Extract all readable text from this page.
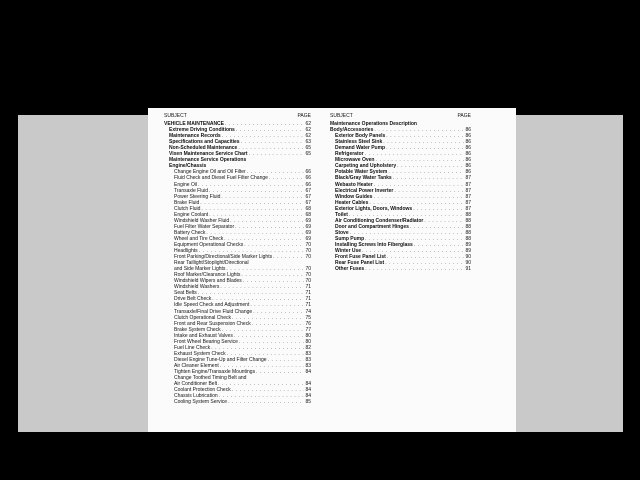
SUBJECT	PAGE
VEHICLE MAINTENANCE . . .	62
Extreme Driving Conditions . . .	62
Maintenance Records . . .	62
Specifications and Capacities . . .	63
Non-Scheduled Maintenance . . .	65
Vixen Maintenance Service Chart . . .	65
Maintenance Service Operations
Engine/Chassis
Change Engine Oil and Oil Filter . . .	66
Fluid Check and Diesel Fuel Filter Change . . .	66
Engine Oil . . .	66
Transaxle Fluid . . .	67
Power Steering Fluid . . .	67
Brake Fluid . . .	67
Clutch Fluid . . .	68
Engine Coolant . . .	68
Windshield Washer Fluid . . .	69
Fuel Filter Water Separator . . .	69
Battery Check . . .	69
Wheel and Tire Check . . .	69
Equipment Operational Checks . . .	70
Headlights . . .	70
Front Parking/Directional/Side Marker Lights . . .	70
Rear Taillight/Stoplight/Directional
and Side Marker Lights . . .	70
Roof Marker/Clearance Lights . . .	70
Windshield Wipers and Blades . . .	70
Windshield Washers . . .	71
Seat Belts . . .	71
Drive Belt Check . . .	71
Idle Speed Check and Adjustment . . .	71
Transaxle/Final Drive Fluid Change . . .	74
Clutch Operational Check . . .	75
Front and Rear Suspension Check . . .	76
Brake System Check . . .	77
Intake and Exhaust Valves . . .	80
Front Wheel Bearing Service . . .	80
Fuel Line Check . . .	82
Exhaust System Check . . .	83
Diesel Engine Tune-Up and Filter Change . . .	83
Air Cleaner Element . . .	83
Tighten Engine/Transaxle Mountings . . .	84
Change Toothed Timing Belt and
Air Conditioner Belt . . .	84
Coolant Protection Check . . .	84
Chassis Lubrication . . .	84
Cooling System Service . . .	85
SUBJECT	PAGE
Maintenance Operations Description
Body/Accessories . . .	86
Exterior Body Panels . . .	86
Stainless Steel Sink . . .	86
Demand Water Pump . . .	86
Refrigerator . . .	86
Microwave Oven . . .	86
Carpeting and Upholstery . . .	86
Potable Water System . . .	86
Black/Gray Water Tanks . . .	87
Webasto Heater . . .	87
Electrical Power Inverter . . .	87
Window Guides . . .	87
Heater Cables . . .	87
Exterior Lights, Doors, Windows . . .	87
Toilet . . .	88
Air Conditioning Condenser/Radiator . . .	88
Door and Compartment Hinges . . .	88
Stove . . .	88
Sump Pump . . .	88
Installing Screws Into Fiberglass . . .	89
Winter Use . . .	89
Front Fuse Panel List . . .	90
Rear Fuse Panel List . . .	90
Other Fuses . . .	91
